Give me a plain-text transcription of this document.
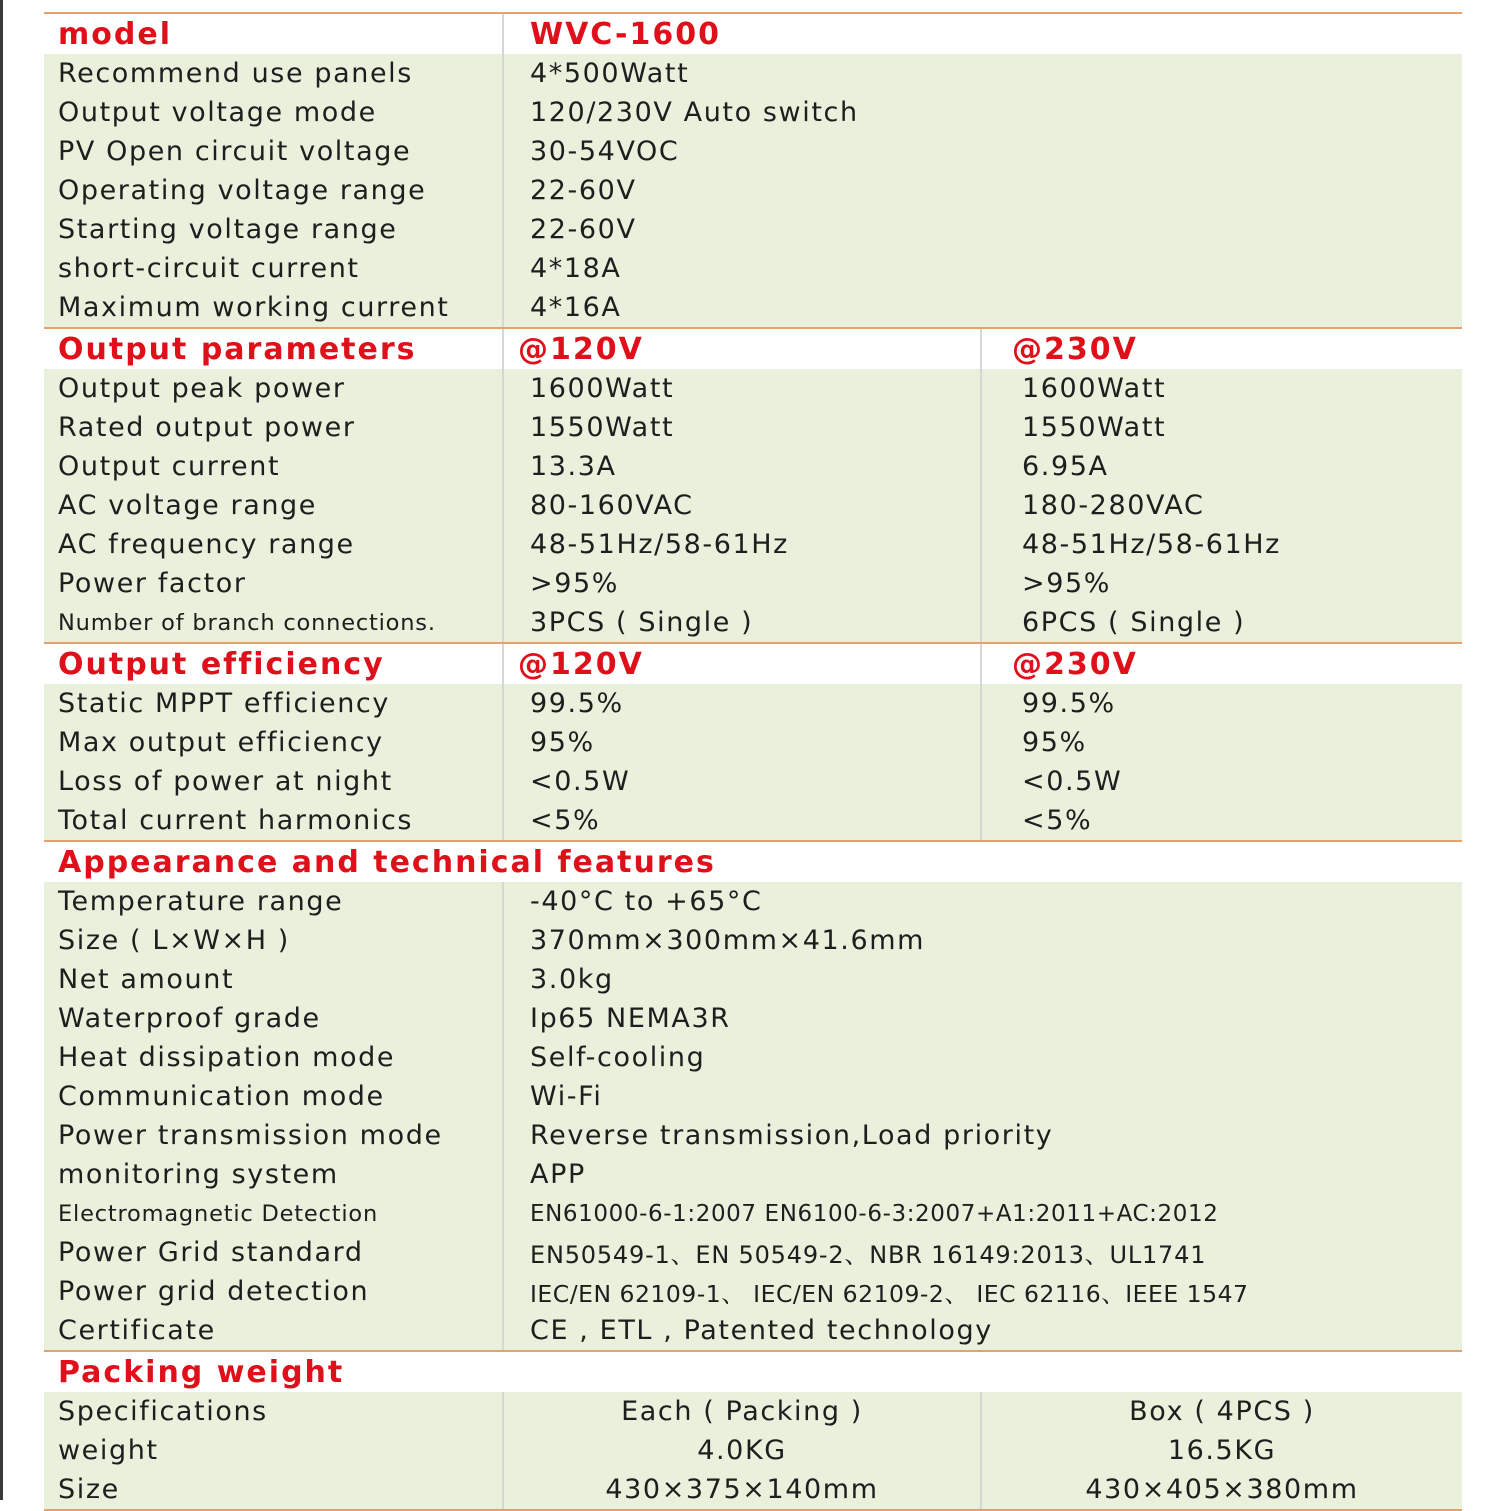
model	WVC-1600
Recommend use panels	4*500Watt
Output voltage mode	120/230V Auto switch
PV Open circuit voltage	30-54VOC
Operating voltage range	22-60V
Starting voltage range	22-60V
short-circuit current	4*18A
Maximum working current	4*16A
Output parameters	@120V	@230V
Output peak power	1600Watt	1600Watt
Rated output power	1550Watt	1550Watt
Output current	13.3A	6.95A
AC voltage range	80-160VAC	180-280VAC
AC frequency range	48-51Hz/58-61Hz	48-51Hz/58-61Hz
Power factor	>95%	>95%
Number of branch connections.	3PCS ( Single )	6PCS ( Single )
Output efficiency	@120V	@230V
Static MPPT efficiency	99.5%	99.5%
Max output efficiency	95%	95%
Loss of power at night	<0.5W	<0.5W
Total current harmonics	<5%	<5%
Appearance and technical features
Temperature range	-40°C to +65°C
Size ( L×W×H )	370mm×300mm×41.6mm
Net amount	3.0kg
Waterproof grade	Ip65 NEMA3R
Heat dissipation mode	Self-cooling
Communication mode	Wi-Fi
Power transmission mode	Reverse transmission,Load priority
monitoring system	APP
Electromagnetic Detection	EN61000-6-1:2007 EN6100-6-3:2007+A1:2011+AC:2012
Power Grid standard	EN50549-1、EN 50549-2、NBR 16149:2013、UL1741
Power grid detection	IEC/EN 62109-1、 IEC/EN 62109-2、 IEC 62116、IEEE 1547
Certificate	CE , ETL , Patented technology
Packing weight
Specifications	Each ( Packing )	Box ( 4PCS )
weight	4.0KG	16.5KG
Size	430×375×140mm	430×405×380mm
